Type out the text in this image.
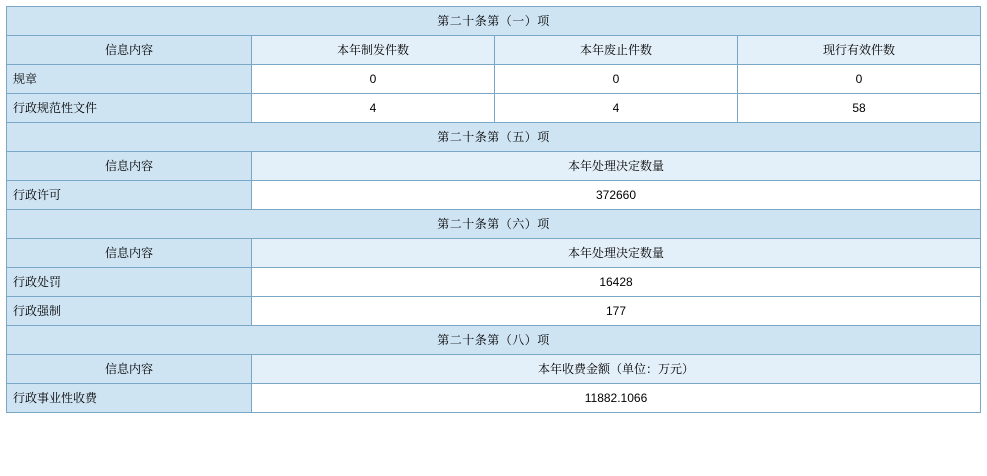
第二十条第（一）项			
信息内容	本年制发件数	本年废止件数	现行有效件数
规章	0	0	0
行政规范性文件	4	4	58
第二十条第（五）项			
信息内容	本年处理决定数量		
行政许可	372660		
第二十条第（六）项			
信息内容	本年处理决定数量		
行政处罚	16428		
行政强制	177		
第二十条第（八）项			
信息内容	本年收费金额（单位：万元）		
行政事业性收费	11882.1066		
